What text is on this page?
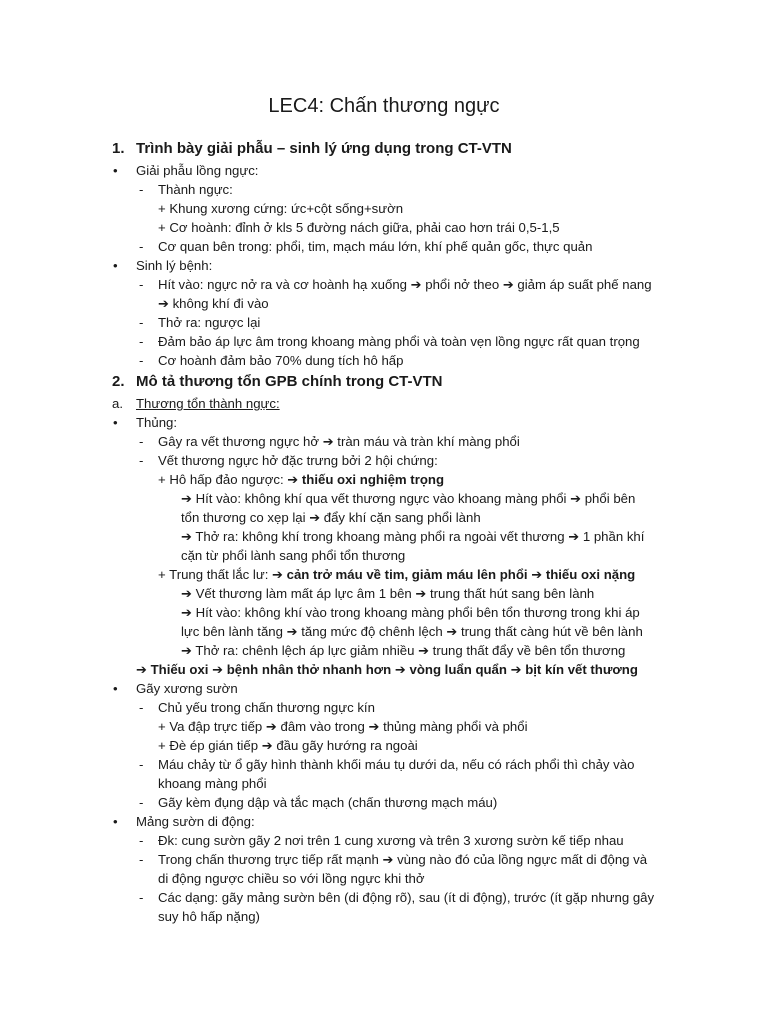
LEC4: Chấn thương ngực
1. Trình bày giải phẫu – sinh lý ứng dụng trong CT-VTN
• Giải phẫu lồng ngực:
- Thành ngực:
+ Khung xương cứng: ức+cột sống+sườn
+ Cơ hoành: đỉnh ở kls 5 đường nách giữa, phải cao hơn trái 0,5-1,5
- Cơ quan bên trong: phổi, tim, mạch máu lớn, khí phế quản gốc, thực quản
• Sinh lý bệnh:
- Hít vào: ngực nở ra và cơ hoành hạ xuống ➔ phổi nở theo ➔ giảm áp suất phế nang
➔ không khí đi vào
- Thở ra: ngược lại
- Đảm bảo áp lực âm trong khoang màng phổi và toàn vẹn lồng ngực rất quan trọng
- Cơ hoành đảm bảo 70% dung tích hô hấp
2. Mô tả thương tổn GPB chính trong CT-VTN
a. Thương tổn thành ngực:
• Thủng:
- Gây ra vết thương ngực hở ➔ tràn máu và tràn khí màng phổi
- Vết thương ngực hở đặc trưng bởi 2 hội chứng:
+ Hô hấp đảo ngược: ➔ thiếu oxi nghiệm trọng
➔ Hít vào: không khí qua vết thương ngực vào khoang màng phổi ➔ phổi bên
tổn thương co xẹp lại ➔ đẩy khí cặn sang phổi lành
➔ Thở ra: không khí trong khoang màng phổi ra ngoài vết thương ➔ 1 phần khí
cặn từ phổi lành sang phổi tổn thương
+ Trung thất lắc lư: ➔ cản trở máu về tim, giảm máu lên phổi ➔ thiếu oxi nặng
➔ Vết thương làm mất áp lực âm 1 bên ➔ trung thất hút sang bên lành
➔ Hít vào: không khí vào trong khoang màng phổi bên tổn thương trong khi áp
lực bên lành tăng ➔ tăng mức độ chênh lệch ➔ trung thất càng hút về bên lành
➔ Thở ra: chênh lệch áp lực giảm nhiều ➔ trung thất đẩy về bên tổn thương
➔ Thiếu oxi ➔ bệnh nhân thở nhanh hơn ➔ vòng luẩn quẩn ➔ bịt kín vết thương
• Gãy xương sườn
- Chủ yếu trong chấn thương ngực kín
+ Va đập trực tiếp ➔ đâm vào trong ➔ thủng màng phổi và phổi
+ Đè ép gián tiếp ➔ đầu gãy hướng ra ngoài
- Máu chảy từ ổ gãy hình thành khối máu tụ dưới da, nếu có rách phổi thì chảy vào
khoang màng phổi
- Gãy kèm đụng dập và tắc mạch (chấn thương mạch máu)
• Mảng sườn di động:
- Đk: cung sườn gãy 2 nơi trên 1 cung xương và trên 3 xương sườn kế tiếp nhau
- Trong chấn thương trực tiếp rất mạnh ➔ vùng nào đó của lồng ngực mất di động và
di động ngược chiều so với lồng ngực khi thở
- Các dạng: gãy mảng sườn bên (di động rõ), sau (ít di động), trước (ít gặp nhưng gây
suy hô hấp nặng)
